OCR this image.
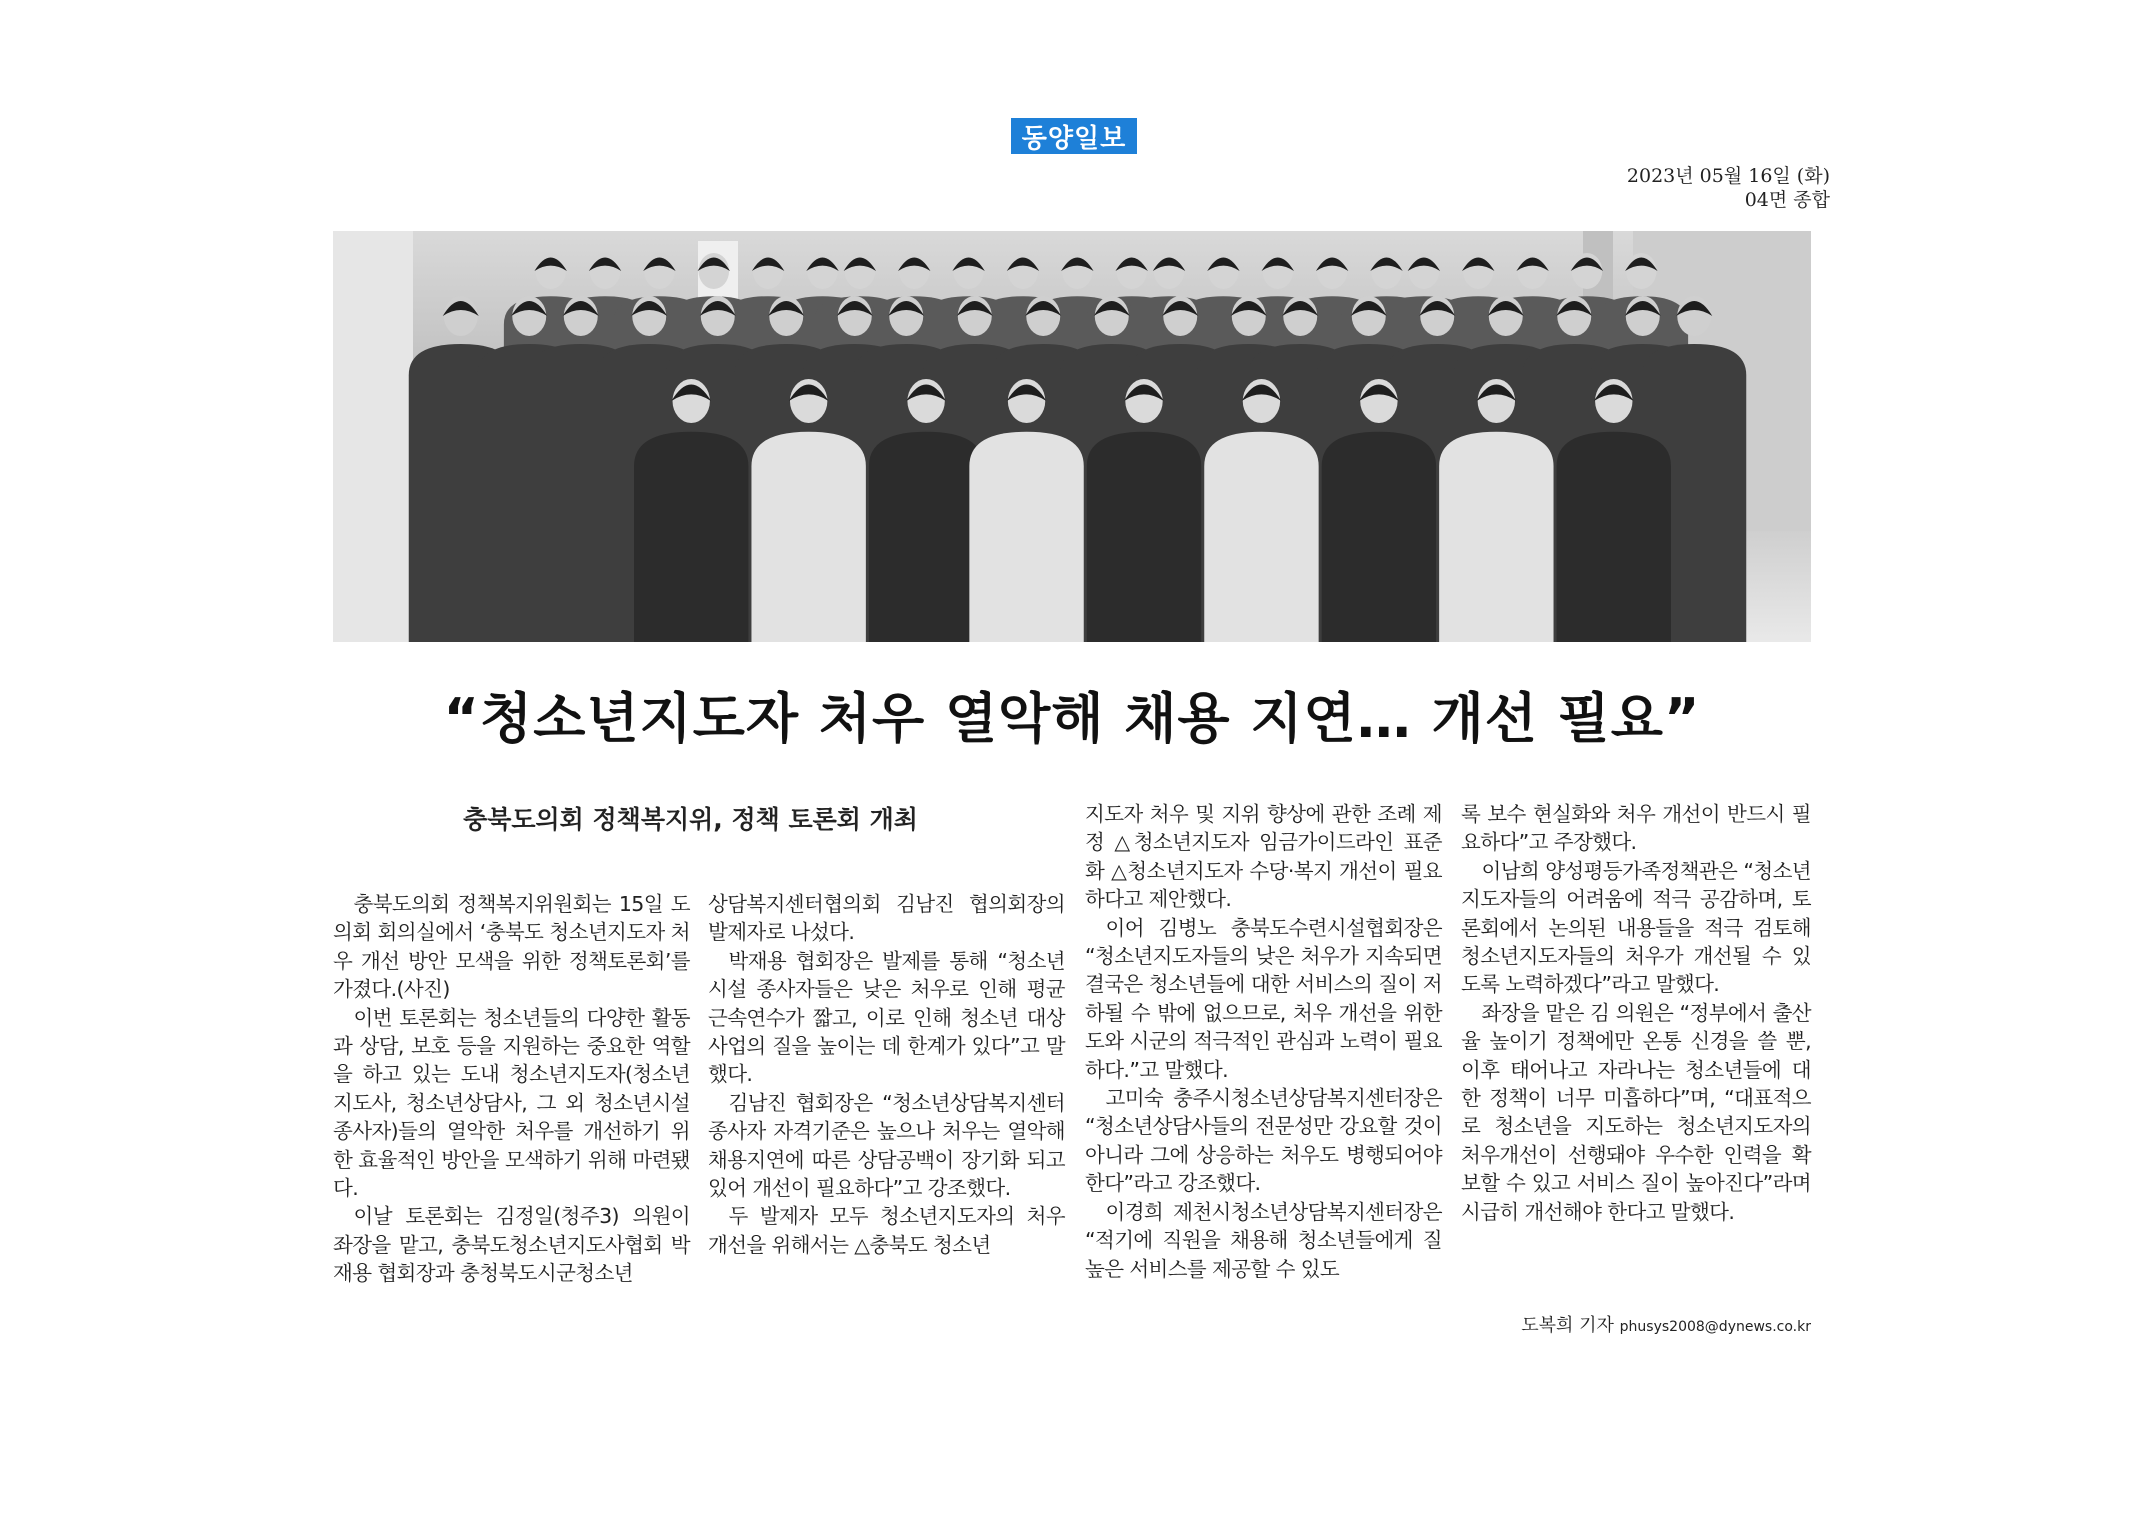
동양일보
2023년 05월 16일 (화)
04면 종합
“청소년지도자 처우 열악해 채용 지연… 개선 필요”
충북도의회 정책복지위, 정책 토론회 개최

충북도의회 정책복지위원회는 15일 도의회 회의실에서 ‘충북도 청소년지도자 처우 개선 방안 모색을 위한 정책토론회’를 가졌다.(사진)

이번 토론회는 청소년들의 다양한 활동과 상담, 보호 등을 지원하는 중요한 역할을 하고 있는 도내 청소년지도자(청소년지도사, 청소년상담사, 그 외 청소년시설 종사자)들의 열악한 처우를 개선하기 위한 효율적인 방안을 모색하기 위해 마련됐다.

이날 토론회는 김정일(청주3) 의원이 좌장을 맡고, 충북도청소년지도사협회 박재용 협회장과 충청북도시군청소년

상담복지센터협의회 김남진 협의회장의 발제자로 나섰다.

박재용 협회장은 발제를 통해 “청소년시설 종사자들은 낮은 처우로 인해 평균 근속연수가 짧고, 이로 인해 청소년 대상 사업의 질을 높이는 데 한계가 있다”고 말했다.

김남진 협회장은 “청소년상담복지센터 종사자 자격기준은 높으나 처우는 열악해 채용지연에 따른 상담공백이 장기화 되고 있어 개선이 필요하다”고 강조했다.

두 발제자 모두 청소년지도자의 처우 개선을 위해서는 △충북도 청소년

지도자 처우 및 지위 향상에 관한 조례 제정 △청소년지도자 임금가이드라인 표준화 △청소년지도자 수당·복지 개선이 필요하다고 제안했다.

이어 김병노 충북도수련시설협회장은 “청소년지도자들의 낮은 처우가 지속되면 결국은 청소년들에 대한 서비스의 질이 저하될 수 밖에 없으므로, 처우 개선을 위한 도와 시군의 적극적인 관심과 노력이 필요하다.”고 말했다.

고미숙 충주시청소년상담복지센터장은 “청소년상담사들의 전문성만 강요할 것이 아니라 그에 상응하는 처우도 병행되어야 한다”라고 강조했다.

이경희 제천시청소년상담복지센터장은 “적기에 직원을 채용해 청소년들에게 질 높은 서비스를 제공할 수 있도

록 보수 현실화와 처우 개선이 반드시 필요하다”고 주장했다.

이남희 양성평등가족정책관은 “청소년지도자들의 어려움에 적극 공감하며, 토론회에서 논의된 내용들을 적극 검토해 청소년지도자들의 처우가 개선될 수 있도록 노력하겠다”라고 말했다.

좌장을 맡은 김 의원은 “정부에서 출산율 높이기 정책에만 온통 신경을 쓸 뿐, 이후 태어나고 자라나는 청소년들에 대한 정책이 너무 미흡하다”며, “대표적으로 청소년을 지도하는 청소년지도자의 처우개선이 선행돼야 우수한 인력을 확보할 수 있고 서비스 질이 높아진다”라며 시급히 개선해야 한다고 말했다.

도복희 기자 phusys2008@dynews.co.kr
